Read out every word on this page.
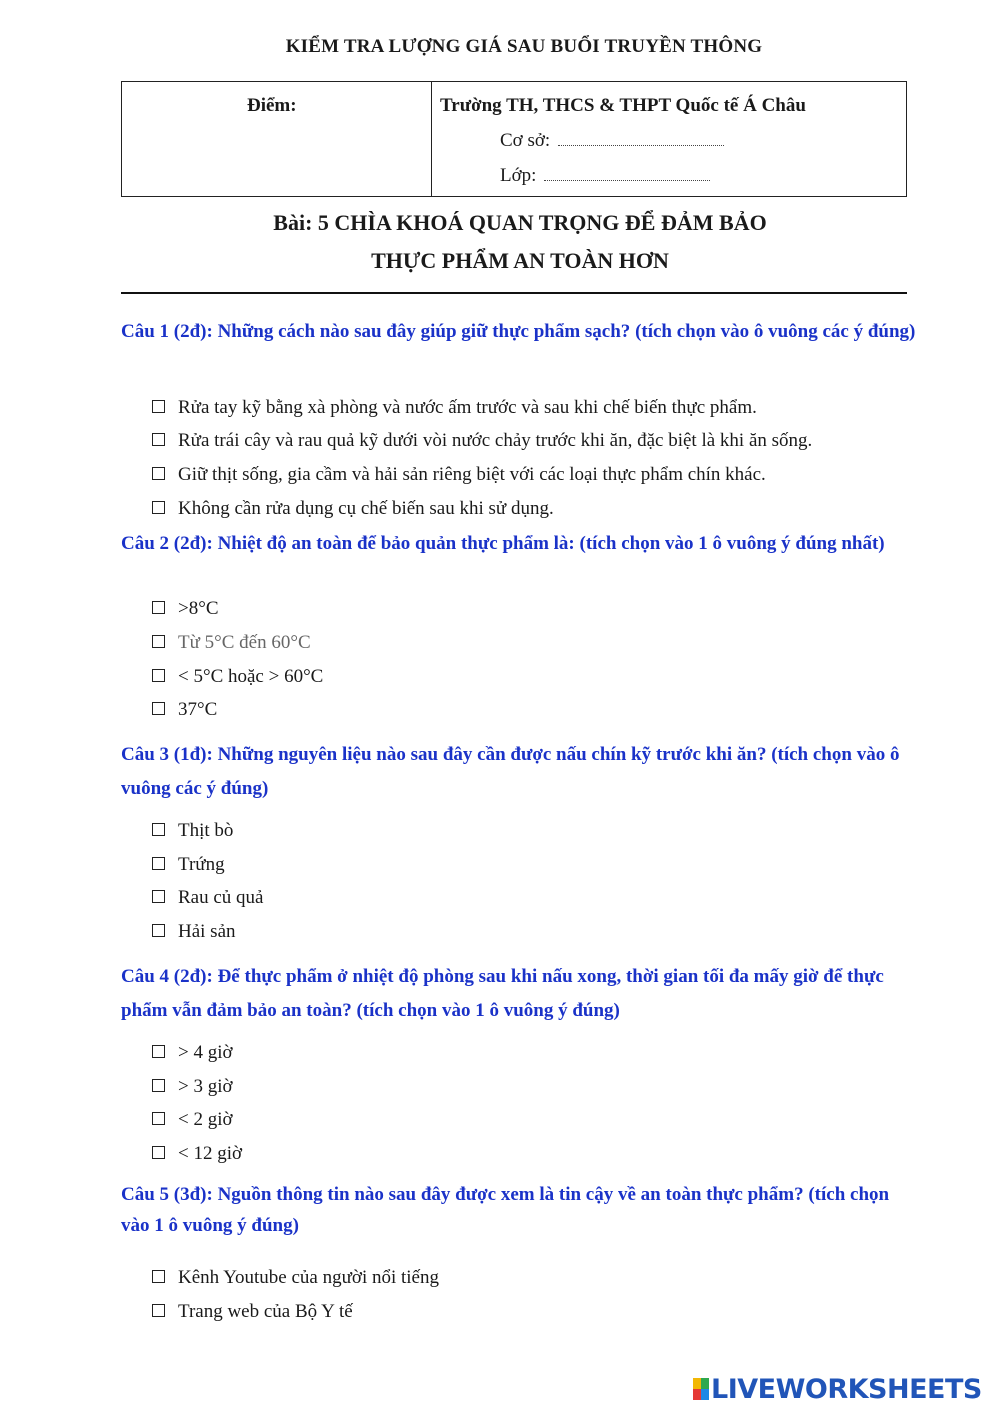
KIỂM TRA LƯỢNG GIÁ SAU BUỔI TRUYỀN THÔNG
Điểm:	Trường TH, THCS & THPT Quốc tế Á Châu
Cơ sở:
Lớp:
Bài: 5 CHÌA KHOÁ QUAN TRỌNG ĐỂ ĐẢM BẢO
THỰC PHẨM AN TOÀN HƠN
Câu 1 (2đ): Những cách nào sau đây giúp giữ thực phẩm sạch? (tích chọn vào ô vuông các ý đúng)
Rửa tay kỹ bằng xà phòng và nước ấm trước và sau khi chế biến thực phẩm.
Rửa trái cây và rau quả kỹ dưới vòi nước chảy trước khi ăn, đặc biệt là khi ăn sống.
Giữ thịt sống, gia cầm và hải sản riêng biệt với các loại thực phẩm chín khác.
Không cần rửa dụng cụ chế biến sau khi sử dụng.
Câu 2 (2đ): Nhiệt độ an toàn để bảo quản thực phẩm là: (tích chọn vào 1 ô vuông ý đúng nhất)
>8°C
Từ 5°C đến 60°C
< 5°C hoặc > 60°C
37°C
Câu 3 (1đ): Những nguyên liệu nào sau đây cần được nấu chín kỹ trước khi ăn? (tích chọn vào ô vuông các ý đúng)
Thịt bò
Trứng
Rau củ quả
Hải sản
Câu 4 (2đ): Để thực phẩm ở nhiệt độ phòng sau khi nấu xong, thời gian tối đa mấy giờ để thực phẩm vẫn đảm bảo an toàn? (tích chọn vào 1 ô vuông ý đúng)
> 4 giờ
> 3 giờ
< 2 giờ
< 12 giờ
Câu 5 (3đ): Nguồn thông tin nào sau đây được xem là tin cậy về an toàn thực phẩm? (tích chọn vào 1 ô vuông ý đúng)
Kênh Youtube của người nổi tiếng
Trang web của Bộ Y tế
LIVEWORKSHEETS
